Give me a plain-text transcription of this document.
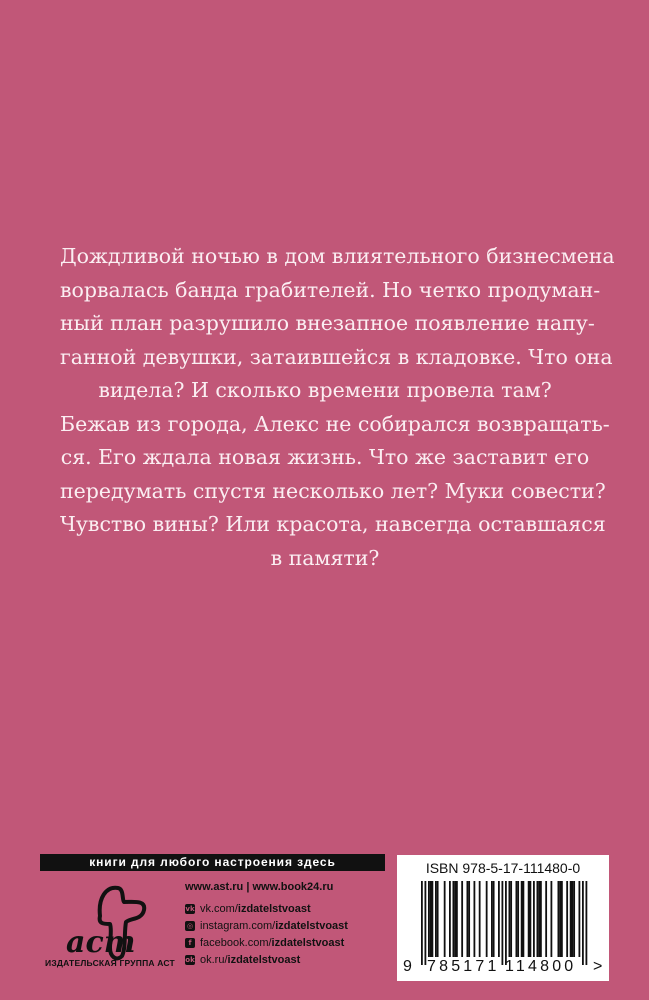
Дождливой ночью в дом влиятельного бизнесмена
ворвалась банда грабителей. Но четко продуман-
ный план разрушило внезапное появление напу-
ганной девушки, затаившейся в кладовке. Что она
видела? И сколько времени провела там?
Бежав из города, Алекс не собирался возвращать-
ся. Его ждала новая жизнь. Что же заставит его
передумать спустя несколько лет? Муки совести?
Чувство вины? Или красота, навсегда оставшаяся
в памяти?
книги для любого настроения здесь
аст
ИЗДАТЕЛЬСКАЯ ГРУППА АСТ
www.ast.ru | www.book24.ru
vk vk.com/ izdatelstvoast
◎ instagram.com/ izdatelstvoast
f facebook.com/ izdatelstvoast
ok ok.ru/ izdatelstvoast
ISBN 978-5-17-111480-0
9 785171 114800 >
